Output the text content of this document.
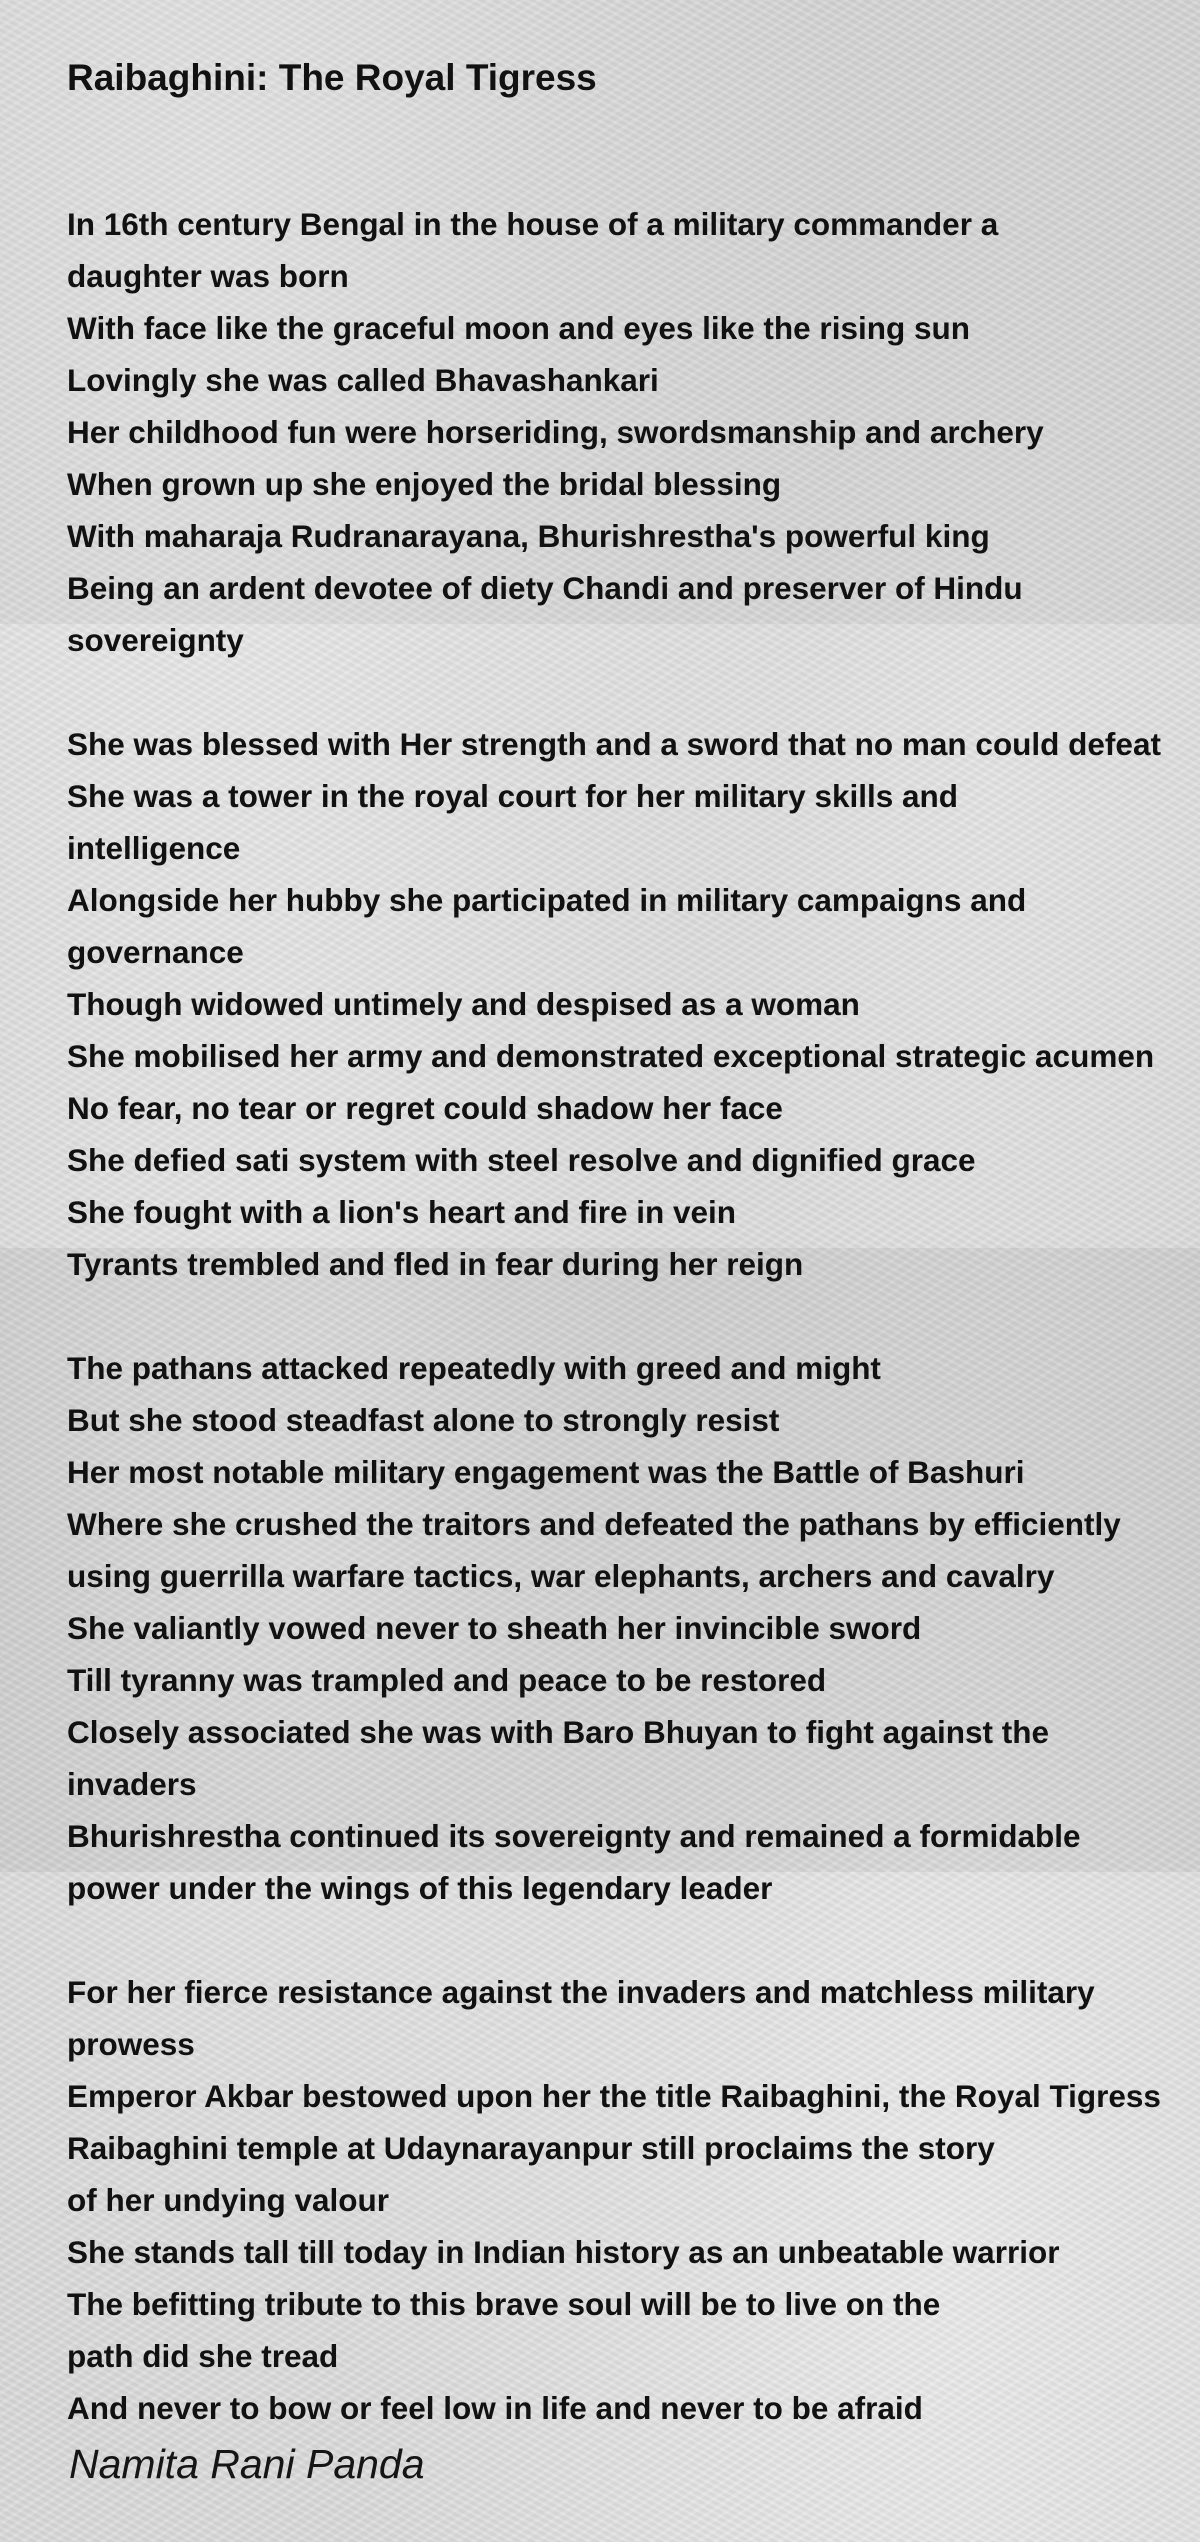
Raibaghini: The Royal Tigress
In 16th century Bengal in the house of a military commander a
daughter was born
With face like the graceful moon and eyes like the rising sun
Lovingly she was called Bhavashankari
Her childhood fun were horseriding, swordsmanship and archery
When grown up she enjoyed the bridal blessing
With maharaja Rudranarayana, Bhurishrestha's powerful king
Being an ardent devotee of diety Chandi and preserver of Hindu
sovereignty
She was blessed with Her strength and a sword that no man could defeat
She was a tower in the royal court for her military skills and
intelligence
Alongside her hubby she participated in military campaigns and
governance
Though widowed untimely and despised as a woman
She mobilised her army and demonstrated exceptional strategic acumen
No fear, no tear or regret could shadow her face
She defied sati system with steel resolve and dignified grace
She fought with a lion's heart and fire in vein
Tyrants trembled and fled in fear during her reign
The pathans attacked repeatedly with greed and might
But she stood steadfast alone to strongly resist
Her most notable military engagement was the Battle of Bashuri
Where she crushed the traitors and defeated the pathans by efficiently
using guerrilla warfare tactics, war elephants, archers and cavalry
She valiantly vowed never to sheath her invincible sword
Till tyranny was trampled and peace to be restored
Closely associated she was with Baro Bhuyan to fight against the
invaders
Bhurishrestha continued its sovereignty and remained a formidable
power under the wings of this legendary leader
For her fierce resistance against the invaders and matchless military
prowess
Emperor Akbar bestowed upon her the title Raibaghini, the Royal Tigress
Raibaghini temple at Udaynarayanpur still proclaims the story
of her undying valour
She stands tall till today in Indian history as an unbeatable warrior
The befitting tribute to this brave soul will be to live on the
path did she tread
And never to bow or feel low in life and never to be afraid
Namita Rani Panda
